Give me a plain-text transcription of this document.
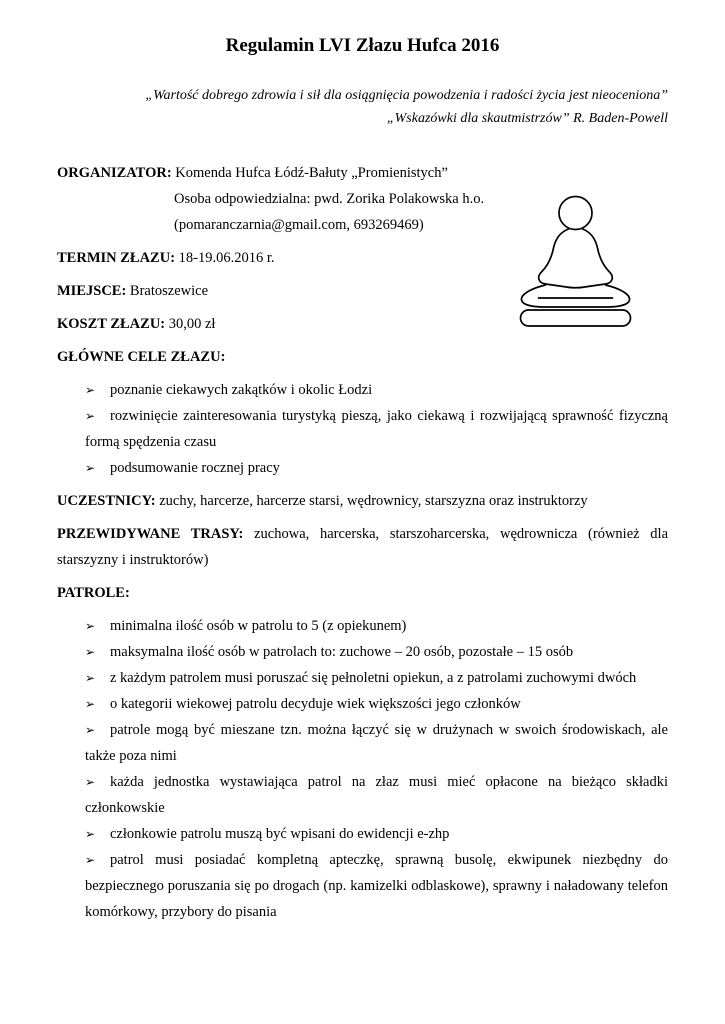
Regulamin LVI Złazu Hufca 2016
„Wartość dobrego zdrowia i sił dla osiągnięcia powodzenia i radości życia jest nieoceniona”
„Wskazówki dla skautmistrzów” R. Baden-Powell
ORGANIZATOR: Komenda Hufca Łódź-Bałuty „Promienistych”
Osoba odpowiedzialna: pwd. Zorika Polakowska h.o.
(pomaranczarnia@gmail.com, 693269469)
TERMIN ZŁAZU: 18-19.06.2016 r.
MIEJSCE: Bratoszewice
KOSZT ZŁAZU: 30,00 zł
GŁÓWNE CELE ZŁAZU:
➢ poznanie ciekawych zakątków i okolic Łodzi
➢ rozwinięcie zainteresowania turystyką pieszą, jako ciekawą i rozwijającą sprawność fizyczną formą spędzenia czasu
➢ podsumowanie rocznej pracy
UCZESTNICY: zuchy, harcerze, harcerze starsi, wędrownicy, starszyzna oraz instruktorzy
PRZEWIDYWANE TRASY: zuchowa, harcerska, starszoharcerska, wędrownicza (również dla starszyzny i instruktorów)
PATROLE:
➢ minimalna ilość osób w patrolu to 5 (z opiekunem)
➢ maksymalna ilość osób w patrolach to: zuchowe – 20 osób, pozostałe – 15 osób
➢ z każdym patrolem musi poruszać się pełnoletni opiekun, a z patrolami zuchowymi dwóch
➢ o kategorii wiekowej patrolu decyduje wiek większości jego członków
➢ patrole mogą być mieszane tzn. można łączyć się w drużynach w swoich środowiskach, ale także poza nimi
➢ każda jednostka wystawiająca patrol na złaz musi mieć opłacone na bieżąco składki członkowskie
➢ członkowie patrolu muszą być wpisani do ewidencji e-zhp
➢ patrol musi posiadać kompletną apteczkę, sprawną busolę, ekwipunek niezbędny do bezpiecznego poruszania się po drogach (np. kamizelki odblaskowe), sprawny i naładowany telefon komórkowy, przybory do pisania
